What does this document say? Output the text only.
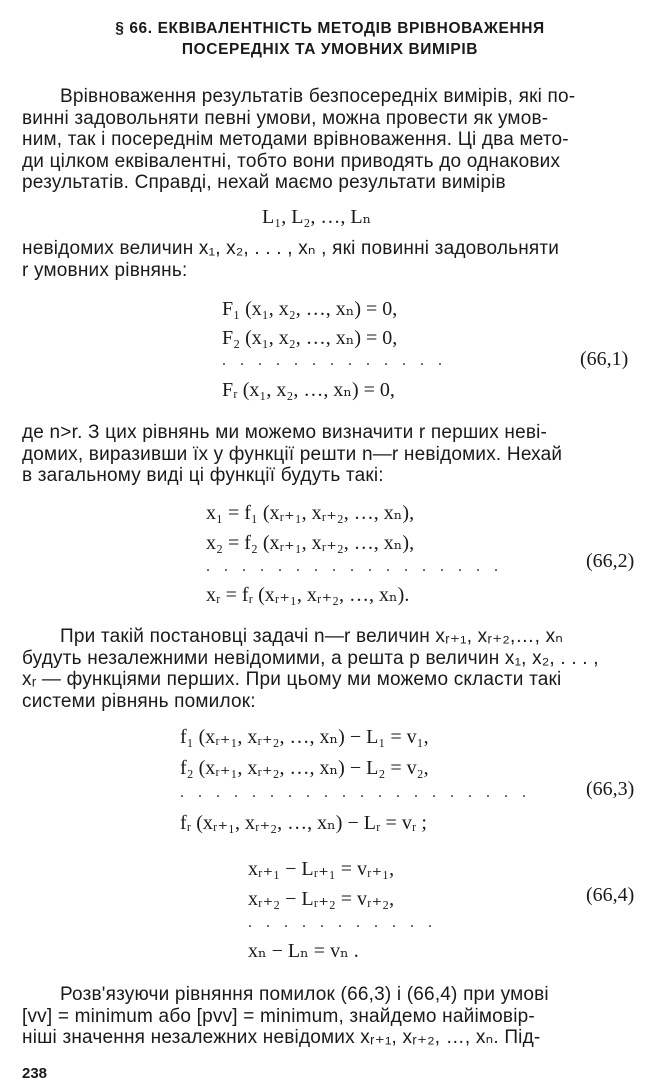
§ 66. ЕКВІВАЛЕНТНІСТЬ МЕТОДІВ ВРІВНОВАЖЕННЯ
ПОСЕРЕДНІХ ТА УМОВНИХ ВИМІРІВ
Врівноваження результатів безпосередніх вимірів, які по-
винні задовольняти певні умови, можна провести як умов-
ним, так і посереднім методами врівноваження. Ці два мето-
ди цілком еквівалентні, тобто вони приводять до однакових
результатів. Справді, нехай маємо результати вимірів
L₁, L₂, …, Lₙ
невідомих величин x₁, x₂, . . . , xₙ , які повинні задовольняти
r умовних рівнянь:
F₁ (x₁, x₂, …, xₙ) = 0,
F₂ (x₁, x₂, …, xₙ) = 0,
. . . . . . . . . . . . .
Fᵣ (x₁, x₂, …, xₙ) = 0,
(66,1)
де n>r. З цих рівнянь ми можемо визначити r перших неві-
домих, виразивши їх у функції решти n—r невідомих. Нехай
в загальному виді ці функції будуть такі:
x₁ = f₁ (xᵣ₊₁, xᵣ₊₂, …, xₙ),
x₂ = f₂ (xᵣ₊₁, xᵣ₊₂, …, xₙ),
. . . . . . . . . . . . . . . . .
xᵣ = fᵣ (xᵣ₊₁, xᵣ₊₂, …, xₙ).
(66,2)
При такій постановці задачі n—r величин xᵣ₊₁, xᵣ₊₂,…, xₙ
будуть незалежними невідомими, а решта p величин x₁, x₂, . . . ,
xᵣ — функціями перших. При цьому ми можемо скласти такі
системи рівнянь помилок:
f₁ (xᵣ₊₁, xᵣ₊₂, …, xₙ) − L₁ = v₁,
f₂ (xᵣ₊₁, xᵣ₊₂, …, xₙ) − L₂ = v₂,
. . . . . . . . . . . . . . . . . . . .
fᵣ (xᵣ₊₁, xᵣ₊₂, …, xₙ) − Lᵣ = vᵣ ;
(66,3)
xᵣ₊₁ − Lᵣ₊₁ = vᵣ₊₁,
xᵣ₊₂ − Lᵣ₊₂ = vᵣ₊₂,
. . . . . . . . . . .
xₙ − Lₙ = vₙ .
(66,4)
Розв'язуючи рівняння помилок (66,3) і (66,4) при умові
[vv] = minimum або [pvv] = minimum, знайдемо найімовір-
ніші значення незалежних невідомих xᵣ₊₁, xᵣ₊₂, …, xₙ. Під-
238
